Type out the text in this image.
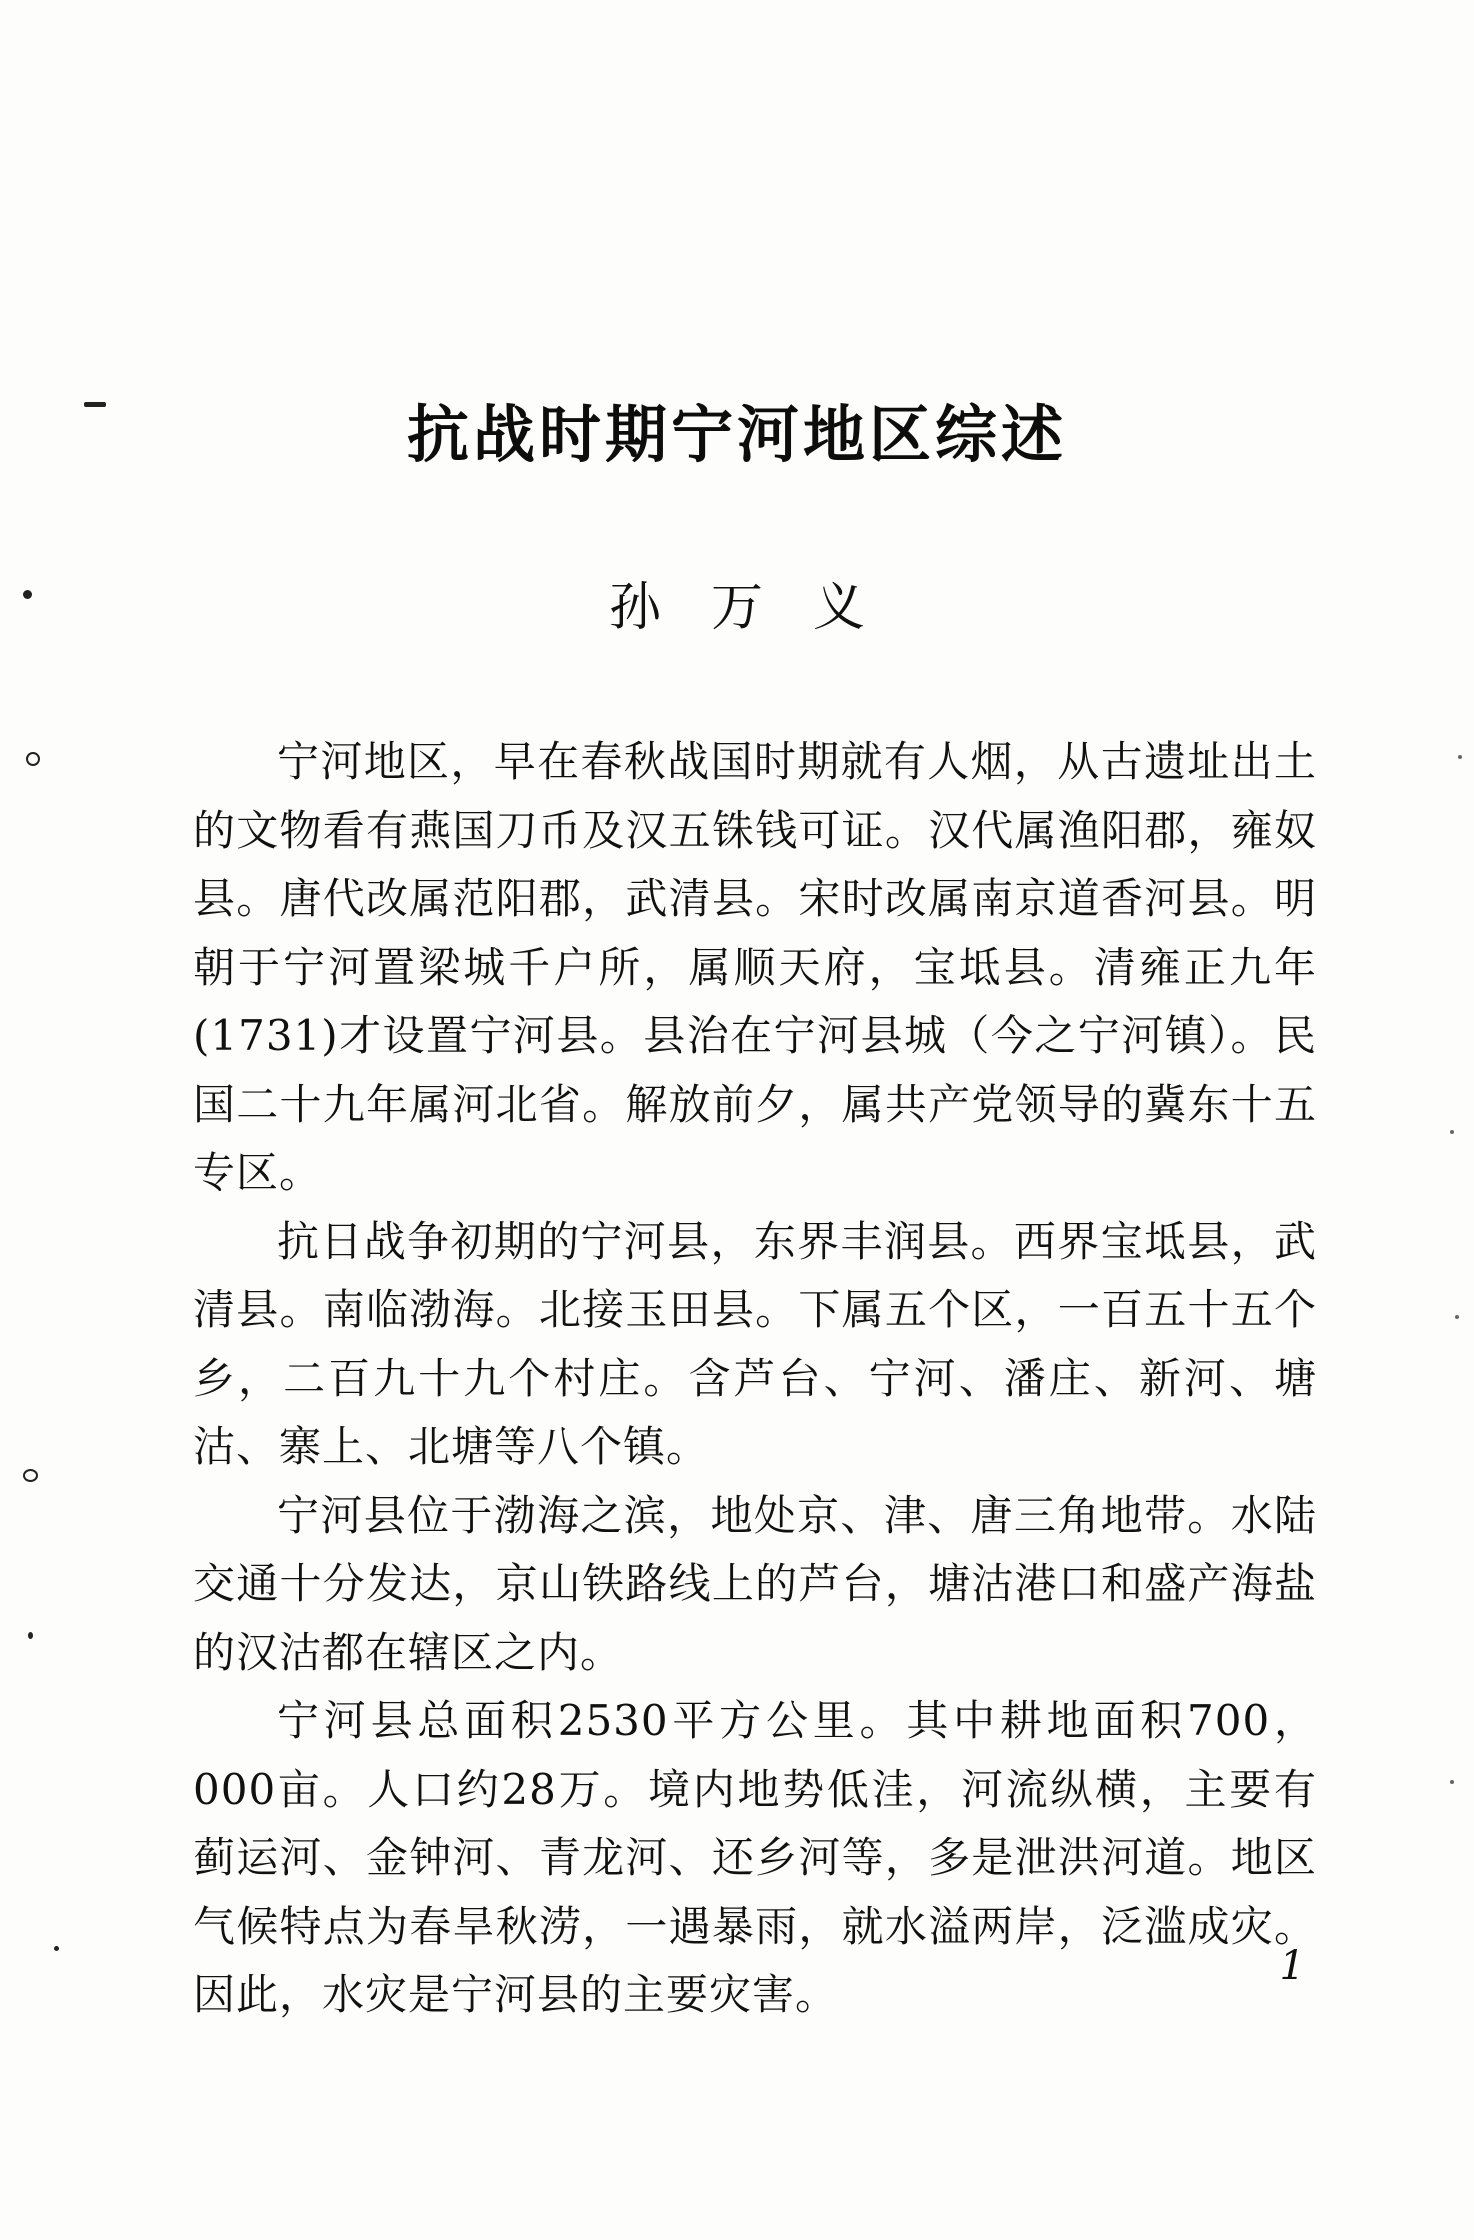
抗战时期宁河地区综述
孙万义

宁河地区，早在春秋战国时期就有人烟，从古遗址出土的文物看有燕国刀币及汉五铢钱可证。汉代属渔阳郡，雍奴县。唐代改属范阳郡，武清县。宋时改属南京道香河县。明朝于宁河置梁城千户所，属顺天府，宝坻县。清雍正九年(1731)才设置宁河县。县治在宁河县城（今之宁河镇）。民国二十九年属河北省。解放前夕，属共产党领导的冀东十五专区。

抗日战争初期的宁河县，东界丰润县。西界宝坻县，武清县。南临渤海。北接玉田县。下属五个区，一百五十五个乡，二百九十九个村庄。含芦台、宁河、潘庄、新河、塘沽、寨上、北塘等八个镇。

宁河县位于渤海之滨，地处京、津、唐三角地带。水陆交通十分发达，京山铁路线上的芦台，塘沽港口和盛产海盐的汉沽都在辖区之内。

宁河县总面积2530平方公里。其中耕地面积700，000亩。人口约28万。境内地势低洼，河流纵横，主要有蓟运河、金钟河、青龙河、还乡河等，多是泄洪河道。地区气候特点为春旱秋涝，一遇暴雨，就水溢两岸，泛滥成灾。因此，水灾是宁河县的主要灾害。

1
